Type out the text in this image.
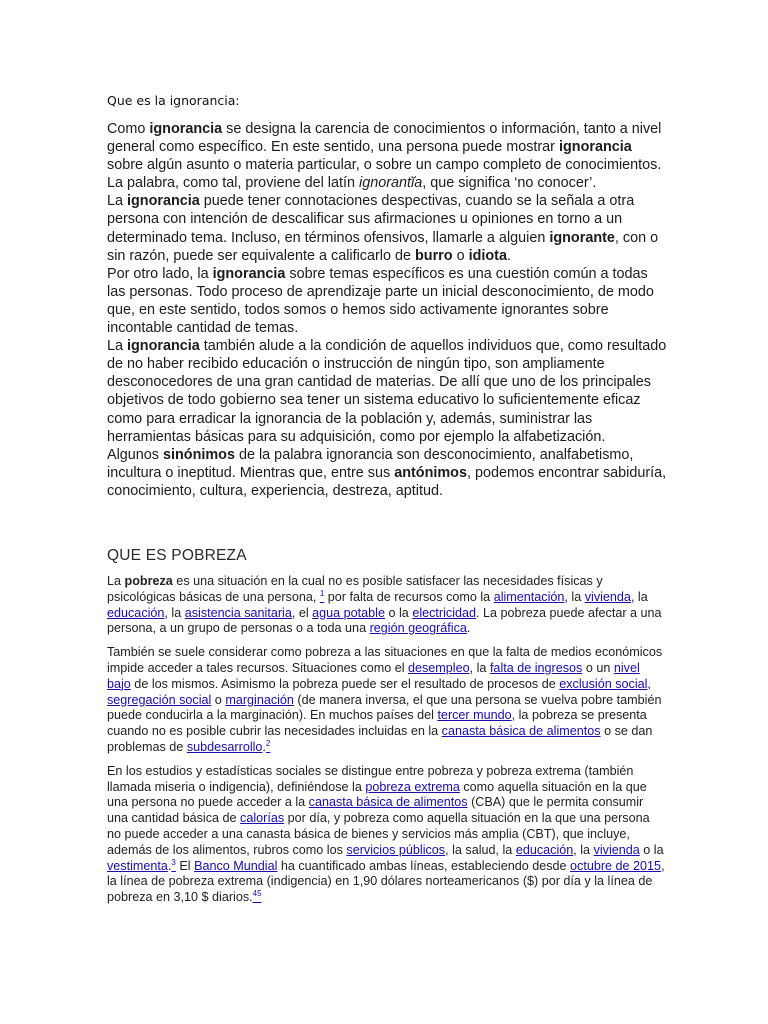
Que es la ignorancia:

Como ignorancia se designa la carencia de conocimientos o información, tanto a nivel general como específico. En este sentido, una persona puede mostrar ignorancia sobre algún asunto o materia particular, o sobre un campo completo de conocimientos. La palabra, como tal, proviene del latín ignorantĭa, que significa ‘no conocer’.

La ignorancia puede tener connotaciones despectivas, cuando se la señala a otra persona con intención de descalificar sus afirmaciones u opiniones en torno a un determinado tema. Incluso, en términos ofensivos, llamarle a alguien ignorante, con o sin razón, puede ser equivalente a calificarlo de burro o idiota.

Por otro lado, la ignorancia sobre temas específicos es una cuestión común a todas las personas. Todo proceso de aprendizaje parte un inicial desconocimiento, de modo que, en este sentido, todos somos o hemos sido activamente ignorantes sobre incontable cantidad de temas.

La ignorancia también alude a la condición de aquellos individuos que, como resultado de no haber recibido educación o instrucción de ningún tipo, son ampliamente desconocedores de una gran cantidad de materias. De allí que uno de los principales objetivos de todo gobierno sea tener un sistema educativo lo suficientemente eficaz como para erradicar la ignorancia de la población y, además, suministrar las herramientas básicas para su adquisición, como por ejemplo la alfabetización.

Algunos sinónimos de la palabra ignorancia son desconocimiento, analfabetismo, incultura o ineptitud. Mientras que, entre sus antónimos, podemos encontrar sabiduría, conocimiento, cultura, experiencia, destreza, aptitud.

QUE ES POBREZA

La pobreza es una situación en la cual no es posible satisfacer las necesidades físicas y psicológicas básicas de una persona, $^1$ por falta de recursos como la alimentación, la vivienda, la educación, la asistencia sanitaria, el agua potable o la electricidad. La pobreza puede afectar a una persona, a un grupo de personas o a toda una región geográfica.

También se suele considerar como pobreza a las situaciones en que la falta de medios económicos impide acceder a tales recursos. Situaciones como el desempleo, la falta de ingresos o un nivel bajo de los mismos. Asimismo la pobreza puede ser el resultado de procesos de exclusión social, segregación social o marginación (de manera inversa, el que una persona se vuelva pobre también puede conducirla a la marginación). En muchos países del tercer mundo, la pobreza se presenta cuando no es posible cubrir las necesidades incluidas en la canasta básica de alimentos o se dan problemas de subdesarrollo.$^2$

En los estudios y estadísticas sociales se distingue entre pobreza y pobreza extrema (también llamada miseria o indigencia), definiéndose la pobreza extrema como aquella situación en la que una persona no puede acceder a la canasta básica de alimentos (CBA) que le permita consumir una cantidad básica de calorías por día, y pobreza como aquella situación en la que una persona no puede acceder a una canasta básica de bienes y servicios más amplia (CBT), que incluye, además de los alimentos, rubros como los servicios públicos, la salud, la educación, la vivienda o la vestimenta.$^3$ El Banco Mundial ha cuantificado ambas líneas, estableciendo desde octubre de 2015, la línea de pobreza extrema (indigencia) en 1,90 dólares norteamericanos ($) por día y la línea de pobreza en 3,10 $ diarios.$^{45}$
